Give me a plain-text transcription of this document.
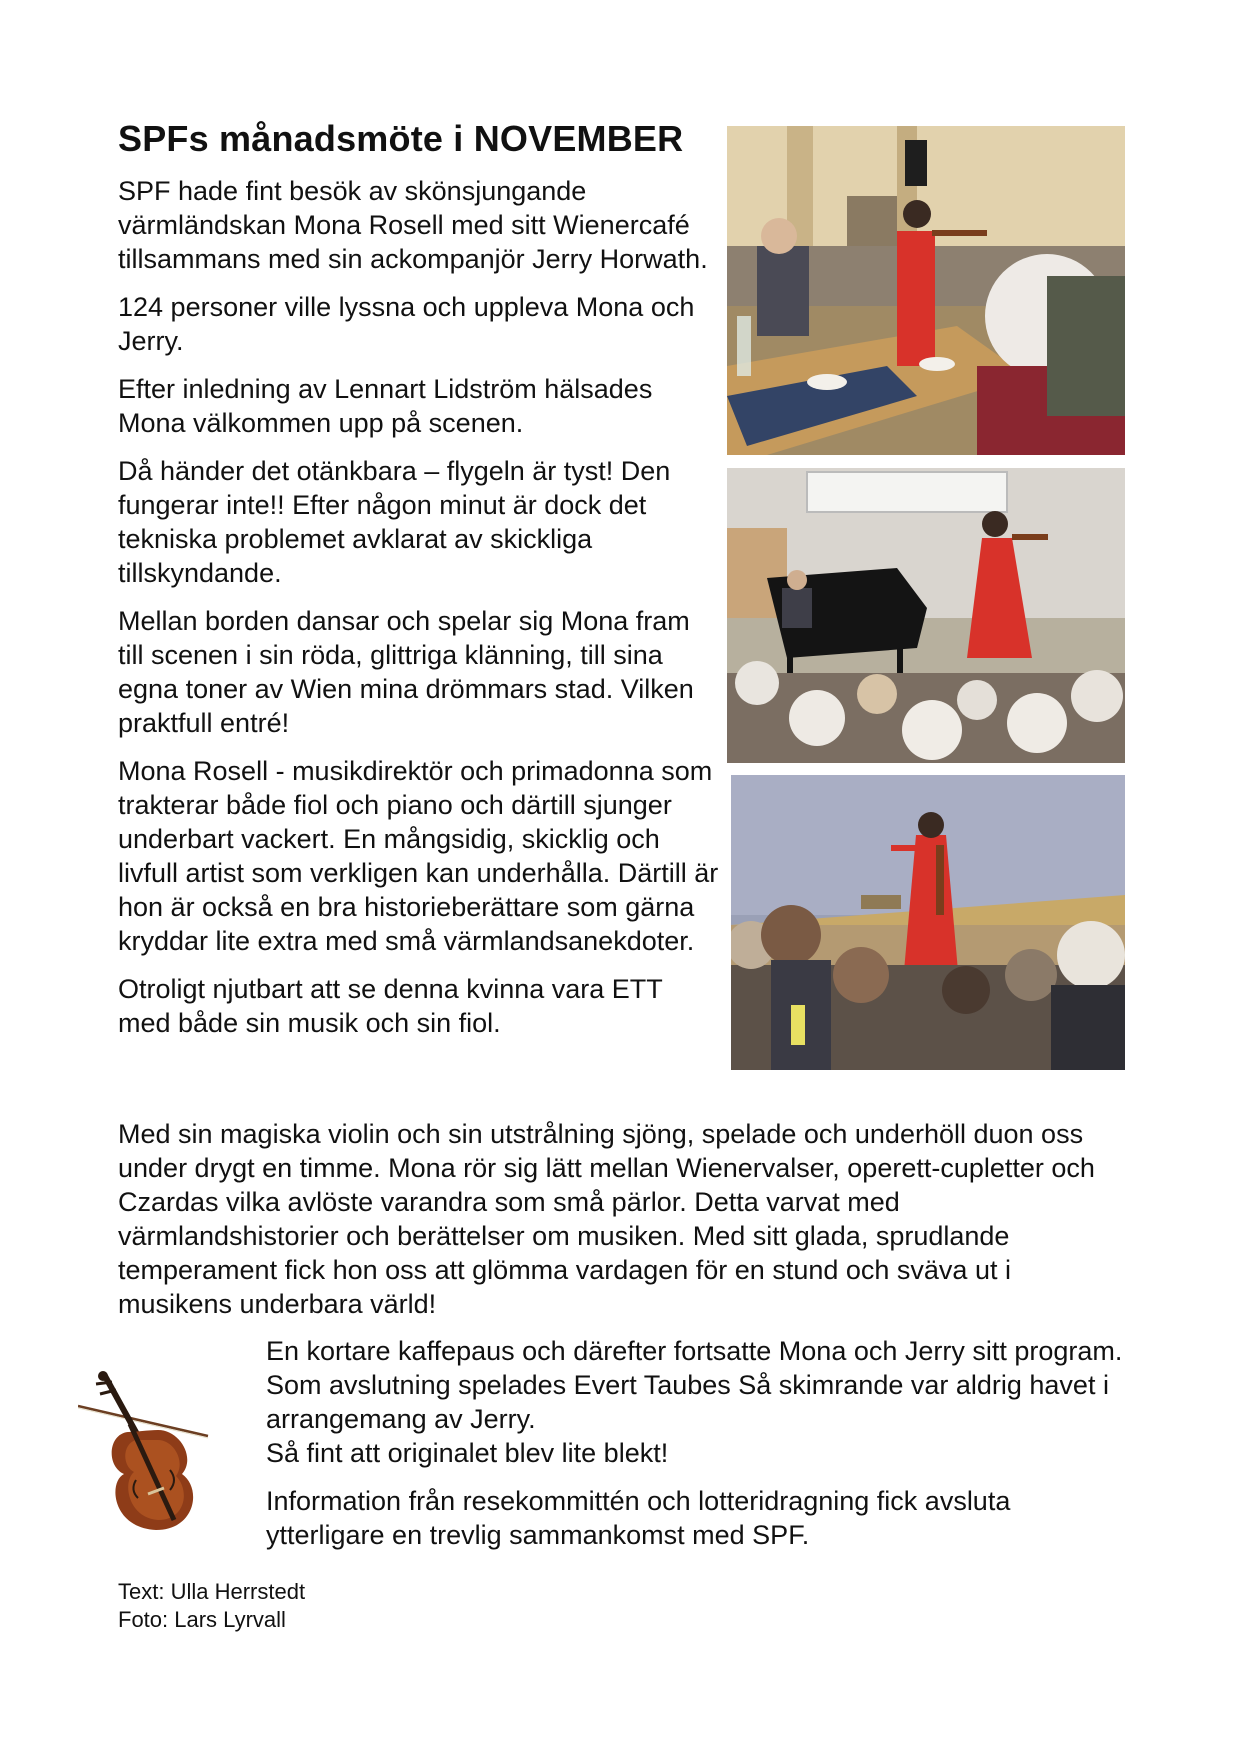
SPFs månadsmöte i NOVEMBER

SPF hade fint besök av skönsjungande värmländskan Mona Rosell med sitt Wienercafé tillsammans med sin ackompanjör Jerry Horwath.

124 personer ville lyssna och uppleva Mona och Jerry.

Efter inledning av Lennart Lidström hälsades Mona välkommen upp på scenen.

Då händer det otänkbara – flygeln är tyst! Den fungerar inte!! Efter någon minut är dock det tekniska problemet avklarat av skickliga tillskyndande.

Mellan borden dansar och spelar sig Mona fram till scenen i sin röda, glittriga klänning, till sina egna toner av Wien mina drömmars stad. Vilken praktfull entré!

Mona Rosell - musikdirektör och primadonna som trakterar både fiol och piano och därtill sjunger underbart vackert. En mångsidig, skicklig och livfull artist som verkligen kan underhålla. Därtill är hon är också en bra historieberättare som gärna kryddar lite extra med små värmlandsanekdoter.

Otroligt njutbart att se denna kvinna vara ETT med både sin musik och sin fiol.

Med sin magiska violin och sin utstrålning sjöng, spelade och underhöll duon oss under drygt en timme. Mona rör sig lätt mellan Wienervalser, operett-cupletter och Czardas vilka avlöste varandra som små pärlor. Detta varvat med värmlandshistorier och berättelser om musiken. Med sitt glada, sprudlande temperament fick hon oss att glömma vardagen för en stund och sväva ut i musikens underbara värld!

En kortare kaffepaus och därefter fortsatte Mona och Jerry sitt program. Som avslutning spelades Evert Taubes Så skimrande var aldrig havet i arrangemang av Jerry.
Så fint att originalet blev lite blekt!

Information från resekommittén och lotteridragning fick avsluta ytterligare en trevlig sammankomst med SPF.

Text: Ulla Herrstedt
Foto: Lars Lyrvall
